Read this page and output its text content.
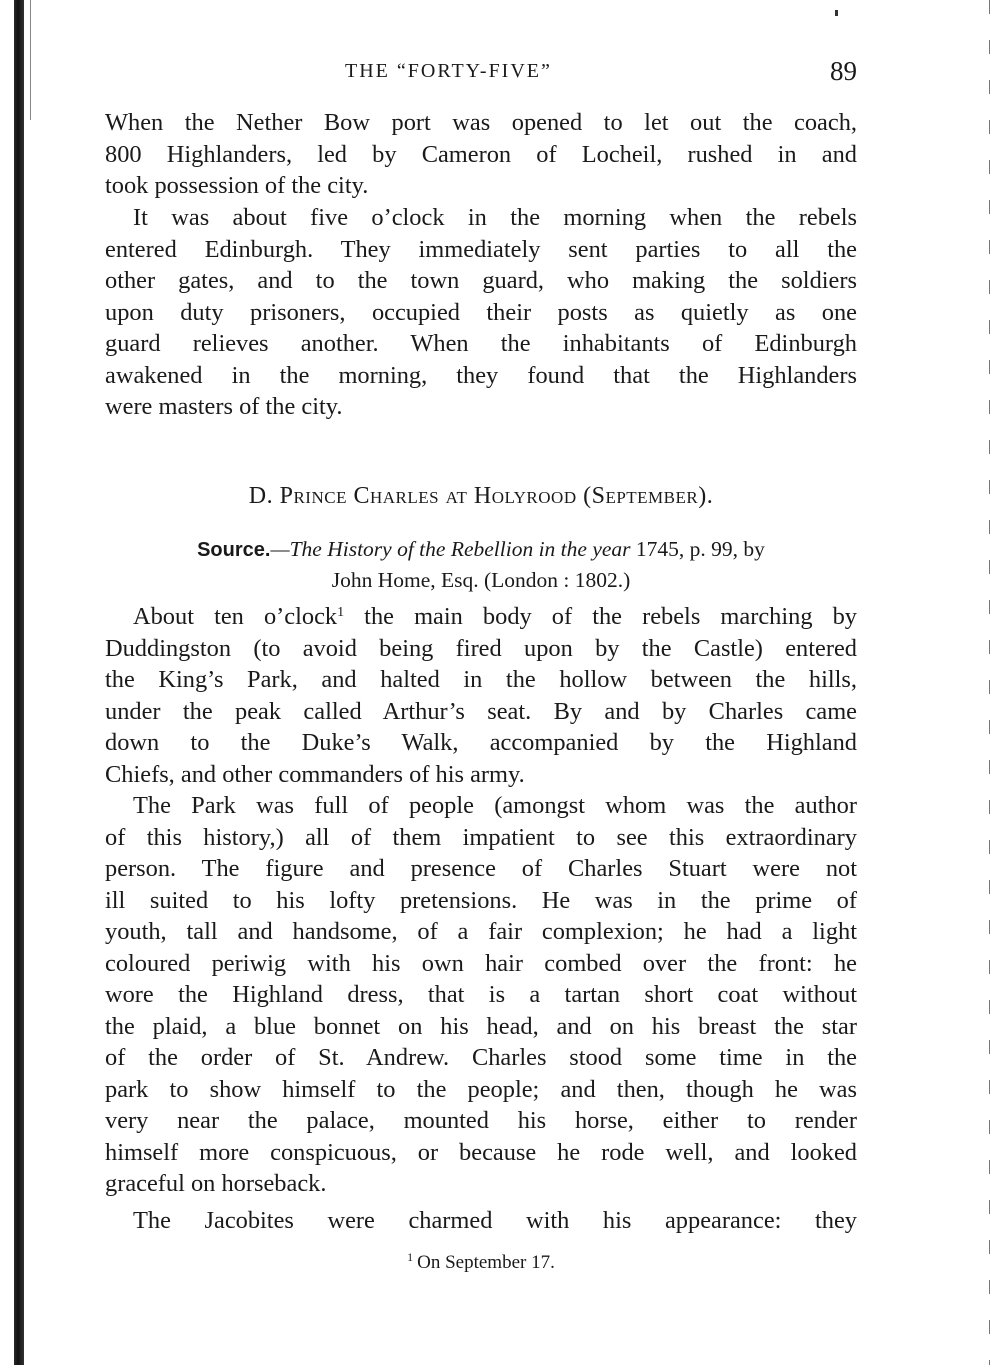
THE “FORTY-FIVE”	89

When the Nether Bow port was opened to let out the coach,
800 Highlanders, led by Cameron of Locheil, rushed in and
took possession of the city.

It was about five o’clock in the morning when the rebels
entered Edinburgh. They immediately sent parties to all the
other gates, and to the town guard, who making the soldiers
upon duty prisoners, occupied their posts as quietly as one
guard relieves another. When the inhabitants of Edinburgh
awakened in the morning, they found that the Highlanders
were masters of the city.

D. Prince Charles at Holyrood (September).
Source.—The History of the Rebellion in the year 1745, p. 99, by
John Home, Esq. (London : 1802.)

About ten o’clock$^1$ the main body of the rebels marching by
Duddingston (to avoid being fired upon by the Castle) entered
the King’s Park, and halted in the hollow between the hills,
under the peak called Arthur’s seat. By and by Charles came
down to the Duke’s Walk, accompanied by the Highland
Chiefs, and other commanders of his army.

The Park was full of people (amongst whom was the author
of this history,) all of them impatient to see this extraordinary
person. The figure and presence of Charles Stuart were not
ill suited to his lofty pretensions. He was in the prime of
youth, tall and handsome, of a fair complexion; he had a light
coloured periwig with his own hair combed over the front: he
wore the Highland dress, that is a tartan short coat without
the plaid, a blue bonnet on his head, and on his breast the star
of the order of St. Andrew. Charles stood some time in the
park to show himself to the people; and then, though he was
very near the palace, mounted his horse, either to render
himself more conspicuous, or because he rode well, and looked
graceful on horseback.

The Jacobites were charmed with his appearance: they

$^1$ On September 17.
